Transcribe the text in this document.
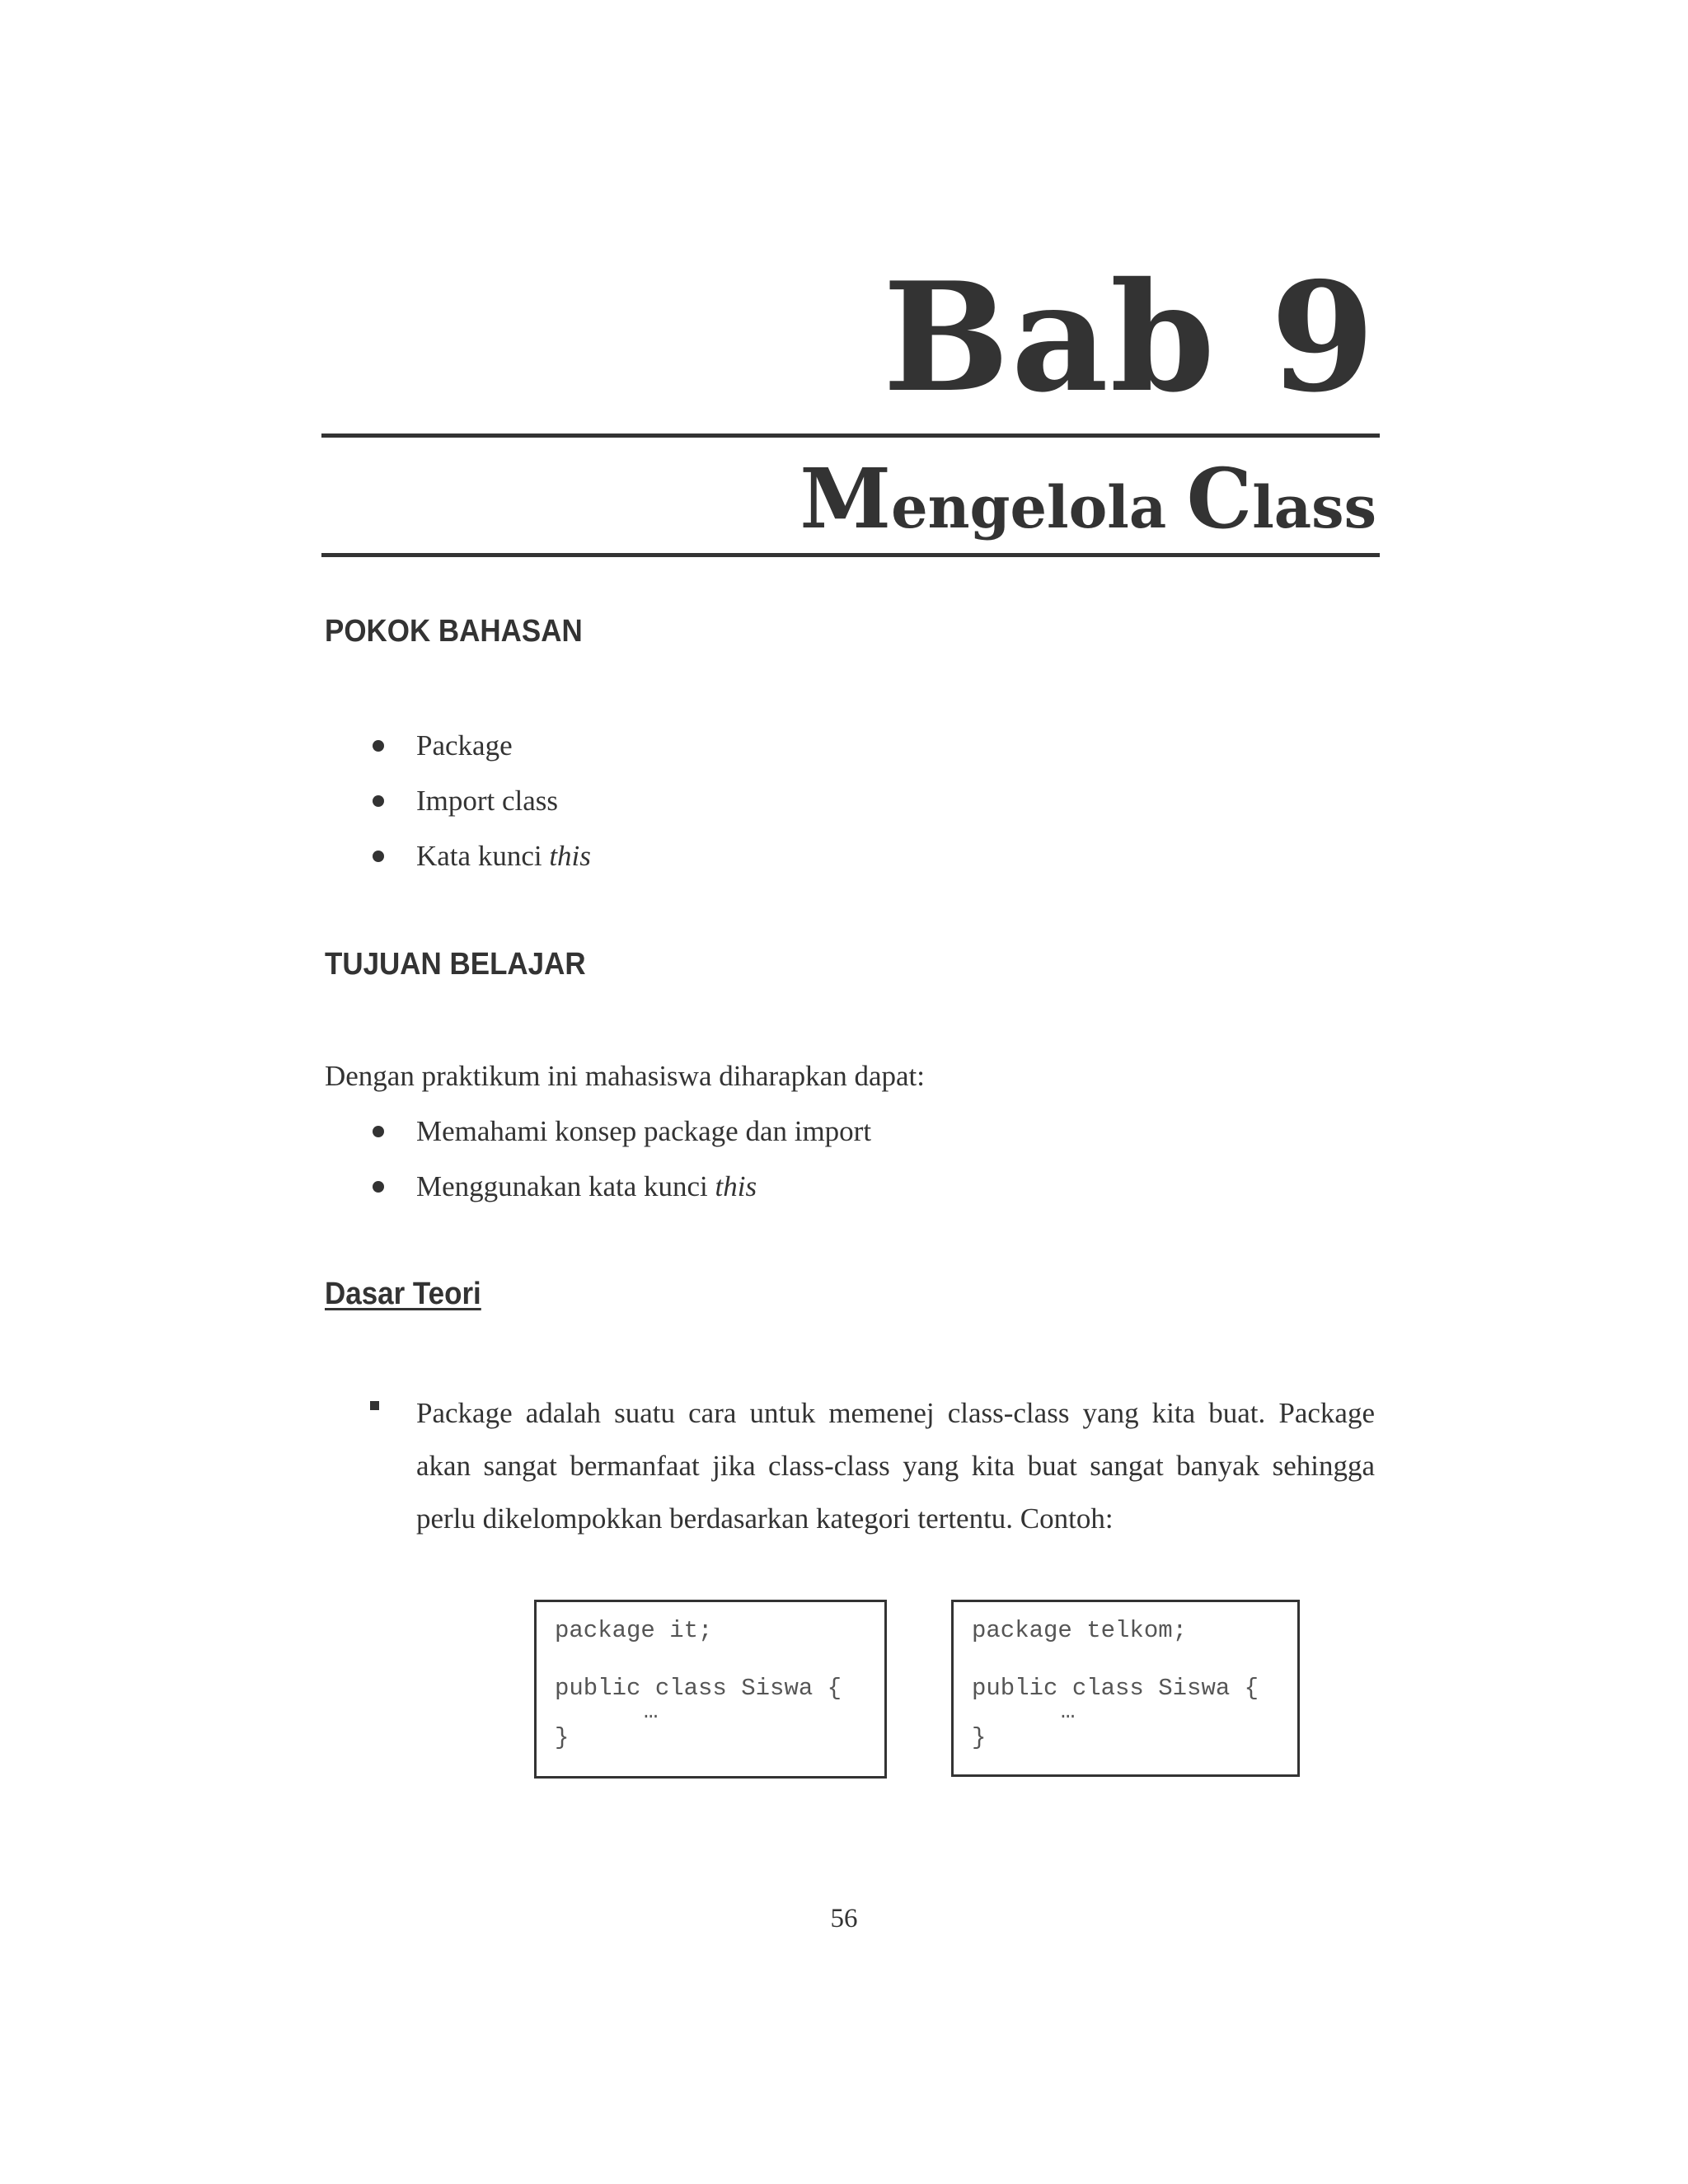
Bab 9
Mengelola Class
POKOK BAHASAN
Package
Import class
Kata kunci this
TUJUAN BELAJAR
Dengan praktikum ini mahasiswa diharapkan dapat:
Memahami konsep package dan import
Menggunakan kata kunci this
Dasar Teori
Package adalah suatu cara untuk memenej class-class yang kita buat. Package akan sangat bermanfaat jika class-class yang kita buat sangat banyak sehingga perlu dikelompokkan berdasarkan kategori tertentu. Contoh:
package it;
public class Siswa {
…
}
package telkom;
public class Siswa {
…
}
56
